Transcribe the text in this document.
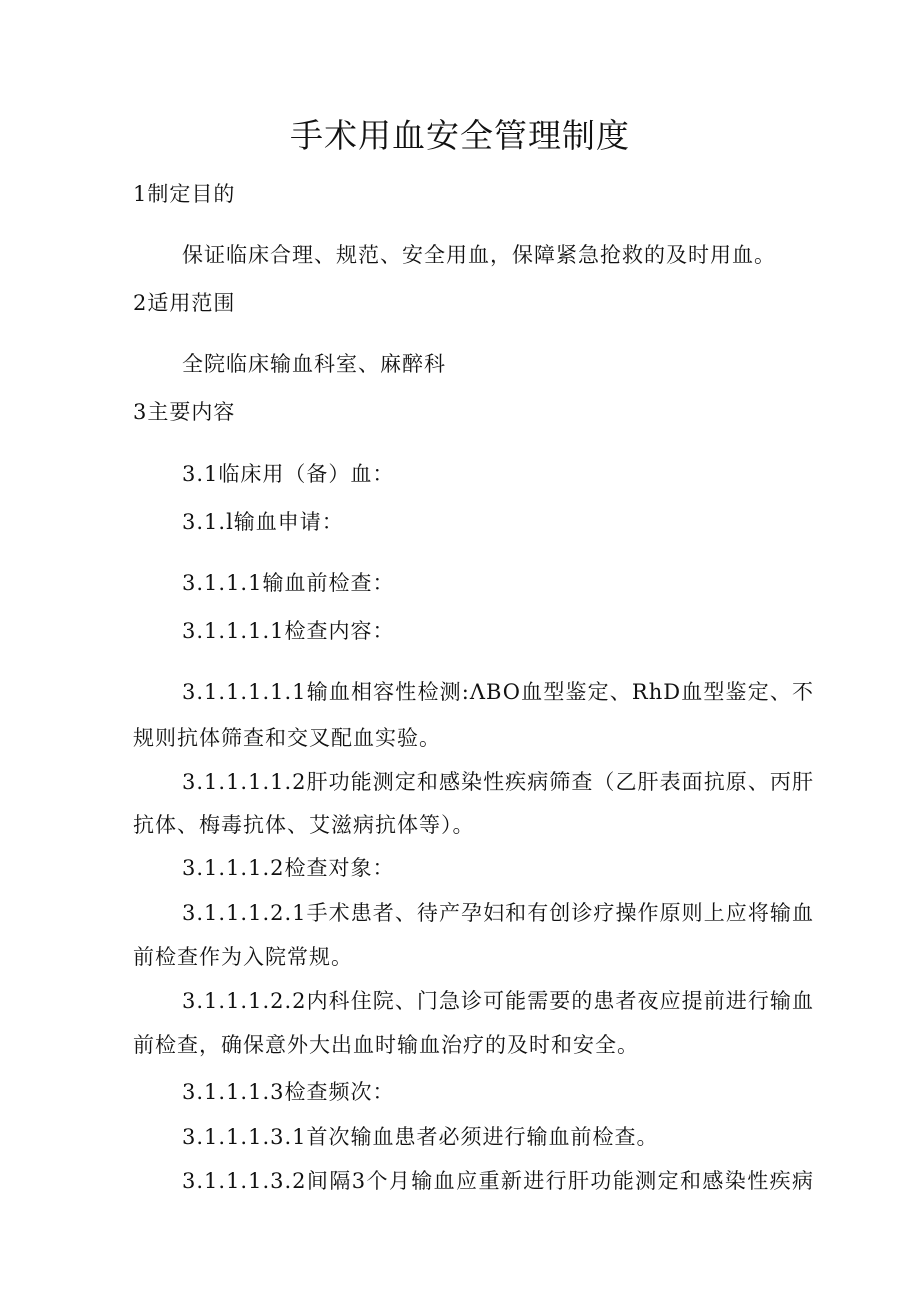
手术用血安全管理制度
1制定目的
保证临床合理、规范、安全用血，保障紧急抢救的及时用血。
2适用范围
全院临床输血科室、麻醉科
3主要内容
3.1临床用（备）血：
3.1.l输血申请：
3.1.1.1输血前检查：
3.1.1.1.1检查内容：
3.1.1.1.1.1输血相容性检测:ΛBO血型鉴定、RhD血型鉴定、不
规则抗体筛查和交叉配血实验。
3.1.1.1.1.2肝功能测定和感染性疾病筛查（乙肝表面抗原、丙肝
抗体、梅毒抗体、艾滋病抗体等）。
3.1.1.1.2检查对象：
3.1.1.1.2.1手术患者、待产孕妇和有创诊疗操作原则上应将输血
前检查作为入院常规。
3.1.1.1.2.2内科住院、门急诊可能需要的患者夜应提前进行输血
前检查，确保意外大出血时输血治疗的及时和安全。
3.1.1.1.3检查频次：
3.1.1.1.3.1首次输血患者必须进行输血前检查。
3.1.1.1.3.2间隔3个月输血应重新进行肝功能测定和感染性疾病
